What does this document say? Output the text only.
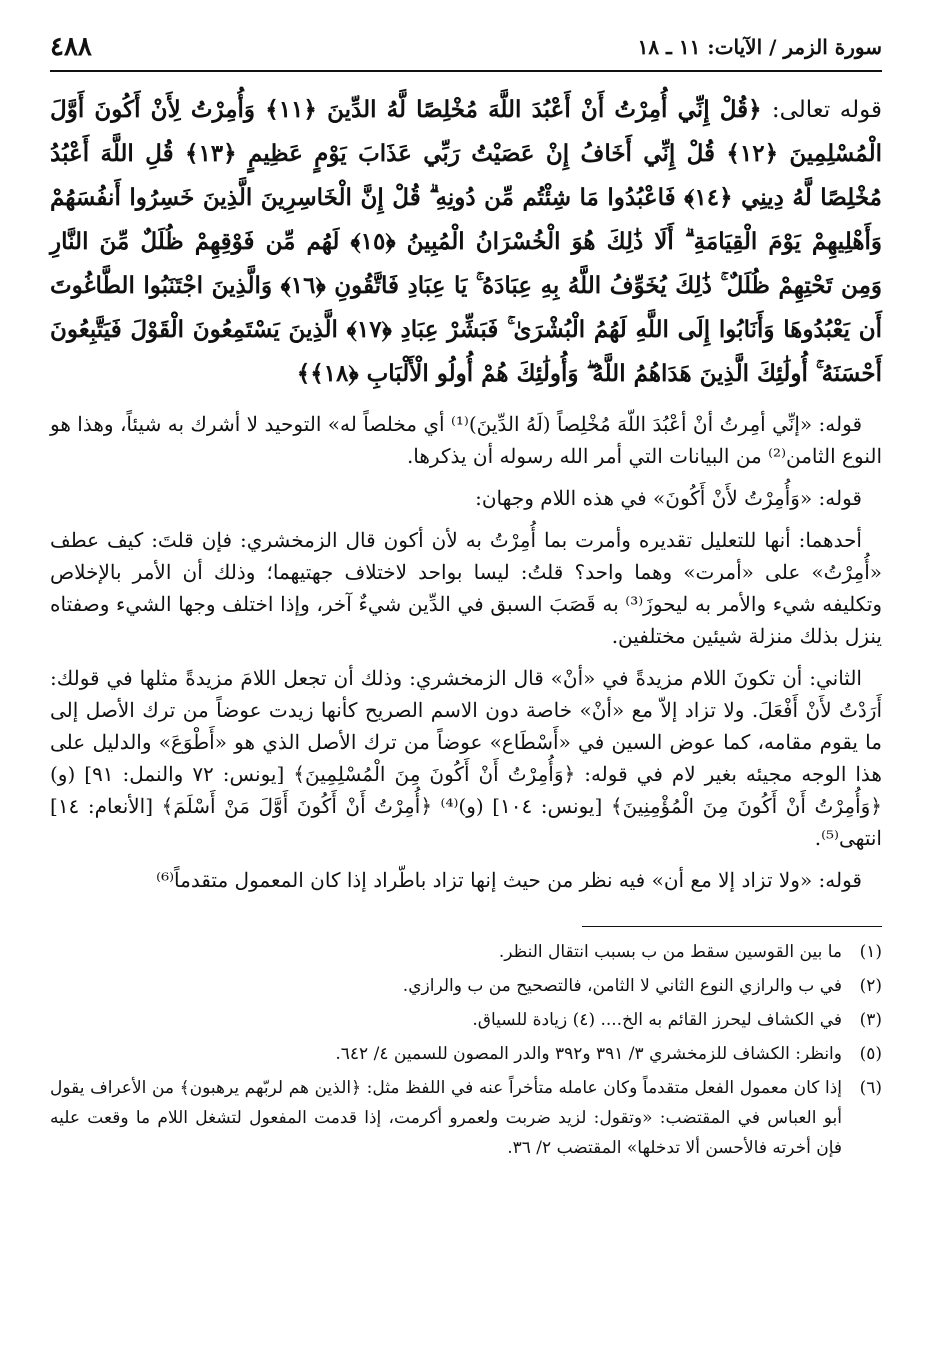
سورة الزمر / الآيات: ١١ ـ ١٨
٤٨٨
قوله تعالى: ﴿قُلْ إِنِّي أُمِرْتُ أَنْ أَعْبُدَ اللَّهَ مُخْلِصًا لَّهُ الدِّينَ ﴿١١﴾ وَأُمِرْتُ لِأَنْ أَكُونَ أَوَّلَ الْمُسْلِمِينَ ﴿١٢﴾ قُلْ إِنِّي أَخَافُ إِنْ عَصَيْتُ رَبِّي عَذَابَ يَوْمٍ عَظِيمٍ ﴿١٣﴾ قُلِ اللَّهَ أَعْبُدُ مُخْلِصًا لَّهُ دِينِي ﴿١٤﴾ فَاعْبُدُوا مَا شِئْتُم مِّن دُونِهِ ۗ قُلْ إِنَّ الْخَاسِرِينَ الَّذِينَ خَسِرُوا أَنفُسَهُمْ وَأَهْلِيهِمْ يَوْمَ الْقِيَامَةِ ۗ أَلَا ذَٰلِكَ هُوَ الْخُسْرَانُ الْمُبِينُ ﴿١٥﴾ لَهُم مِّن فَوْقِهِمْ ظُلَلٌ مِّنَ النَّارِ وَمِن تَحْتِهِمْ ظُلَلٌ ۚ ذَٰلِكَ يُخَوِّفُ اللَّهُ بِهِ عِبَادَهُ ۚ يَا عِبَادِ فَاتَّقُونِ ﴿١٦﴾ وَالَّذِينَ اجْتَنَبُوا الطَّاغُوتَ أَن يَعْبُدُوهَا وَأَنَابُوا إِلَى اللَّهِ لَهُمُ الْبُشْرَىٰ ۚ فَبَشِّرْ عِبَادِ ﴿١٧﴾ الَّذِينَ يَسْتَمِعُونَ الْقَوْلَ فَيَتَّبِعُونَ أَحْسَنَهُ ۚ أُولَٰئِكَ الَّذِينَ هَدَاهُمُ اللَّهُ ۖ وَأُولَٰئِكَ هُمْ أُولُو الْأَلْبَابِ ﴿١٨﴾﴾

قوله: «إنِّي أمِرتُ أنْ أعْبُدَ اللّهَ مُخْلِصاً (لَهُ الدِّينَ)⁽¹⁾ أي مخلصاً له» التوحيد لا أشرك به شيئاً، وهذا هو النوع الثامن⁽²⁾ من البيانات التي أمر الله رسوله أن يذكرها.

قوله: «وَأُمِرْتُ لأَنْ أَكُونَ» في هذه اللام وجهان:

أحدهما: أنها للتعليل تقديره وأمرت بما أُمِرْتُ به لأن أكون قال الزمخشري: فإن قلتَ: كيف عطف «أُمِرْتُ» على «أمرت» وهما واحد؟ قلتُ: ليسا بواحد لاختلاف جهتيهما؛ وذلك أن الأمر بالإخلاص وتكليفه شيء والأمر به ليحوزَ⁽³⁾ به قَصَبَ السبق في الدِّين شيءٌ آخر، وإذا اختلف وجها الشيء وصفتاه ينزل بذلك منزلة شيئين مختلفين.

الثاني: أن تكونَ اللام مزيدةً في «أنْ» قال الزمخشري: وذلك أن تجعل اللامَ مزيدةً مثلها في قولك: أَرَدْتُ لأَنْ أَفْعَلَ. ولا تزاد إلاّ مع «أنْ» خاصة دون الاسم الصريح كأنها زيدت عوضاً من ترك الأصل إلى ما يقوم مقامه، كما عوض السين في «أَسْطَاع» عوضاً من ترك الأصل الذي هو «أَطْوَعَ» والدليل على هذا الوجه مجيئه بغير لام في قوله: ﴿وَأُمِرْتُ أَنْ أَكُونَ مِنَ الْمُسْلِمِينَ﴾ [يونس: ٧٢ والنمل: ٩١] (و) ﴿وَأُمِرْتُ أَنْ أَكُونَ مِنَ الْمُؤْمِنِينَ﴾ [يونس: ١٠٤] (و)⁽⁴⁾ ﴿أُمِرْتُ أَنْ أَكُونَ أَوَّلَ مَنْ أَسْلَمَ﴾ [الأنعام: ١٤] انتهى⁽⁵⁾.

قوله: «ولا تزاد إلا مع أن» فيه نظر من حيث إنها تزاد باطّراد إذا كان المعمول متقدماً⁽⁶⁾

(١)
ما بين القوسين سقط من ب بسبب انتقال النظر.
(٢)
في ب والرازي النوع الثاني لا الثامن، فالتصحيح من ب والرازي.
(٣)
في الكشاف ليحرز القائم به الخ.... (٤) زيادة للسياق.
(٥)
وانظر: الكشاف للزمخشري ٣/ ٣٩١ و٣٩٢ والدر المصون للسمين ٤/ ٦٤٢.
(٦)
إذا كان معمول الفعل متقدماً وكان عامله متأخراً عنه في اللفظ مثل: ﴿الذين هم لربّهم يرهبون﴾ من الأعراف يقول أبو العباس في المقتضب: «وتقول: لزيد ضربت ولعمرو أكرمت، إذا قدمت المفعول لتشغل اللام ما وقعت عليه فإن أخرته فالأحسن ألا تدخلها» المقتضب ٢/ ٣٦.
